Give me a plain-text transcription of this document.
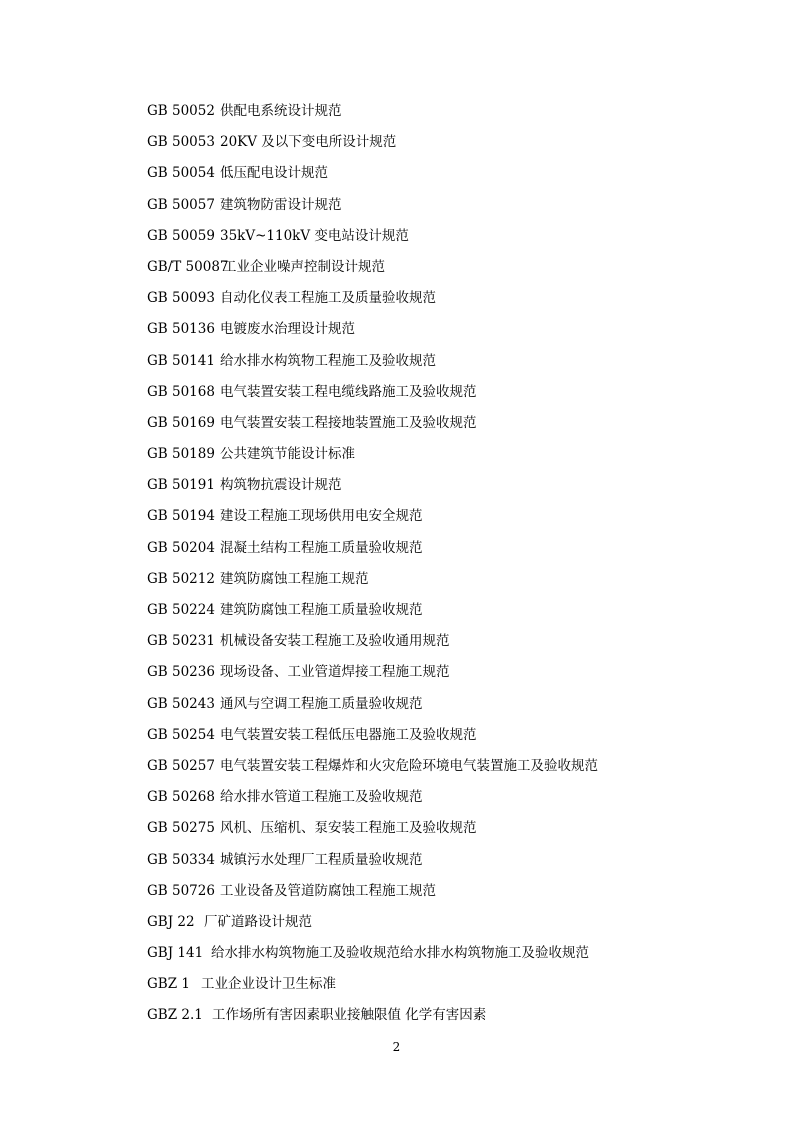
GB 50052 供配电系统设计规范
GB 50053 20KV 及以下变电所设计规范
GB 50054 低压配电设计规范
GB 50057 建筑物防雷设计规范
GB 50059 35kV~110kV 变电站设计规范
GB/T 50087工业企业噪声控制设计规范
GB 50093 自动化仪表工程施工及质量验收规范
GB 50136 电镀废水治理设计规范
GB 50141 给水排水构筑物工程施工及验收规范
GB 50168 电气装置安装工程电缆线路施工及验收规范
GB 50169 电气装置安装工程接地装置施工及验收规范
GB 50189 公共建筑节能设计标准
GB 50191 构筑物抗震设计规范
GB 50194 建设工程施工现场供用电安全规范
GB 50204 混凝土结构工程施工质量验收规范
GB 50212 建筑防腐蚀工程施工规范
GB 50224 建筑防腐蚀工程施工质量验收规范
GB 50231 机械设备安装工程施工及验收通用规范
GB 50236 现场设备、工业管道焊接工程施工规范
GB 50243 通风与空调工程施工质量验收规范
GB 50254 电气装置安装工程低压电器施工及验收规范
GB 50257 电气装置安装工程爆炸和火灾危险环境电气装置施工及验收规范
GB 50268 给水排水管道工程施工及验收规范
GB 50275 风机、压缩机、泵安装工程施工及验收规范
GB 50334 城镇污水处理厂工程质量验收规范
GB 50726 工业设备及管道防腐蚀工程施工规范
GBJ 22 厂矿道路设计规范
GBJ 141 给水排水构筑物施工及验收规范给水排水构筑物施工及验收规范
GBZ 1 工业企业设计卫生标准
GBZ 2.1 工作场所有害因素职业接触限值 化学有害因素
2
